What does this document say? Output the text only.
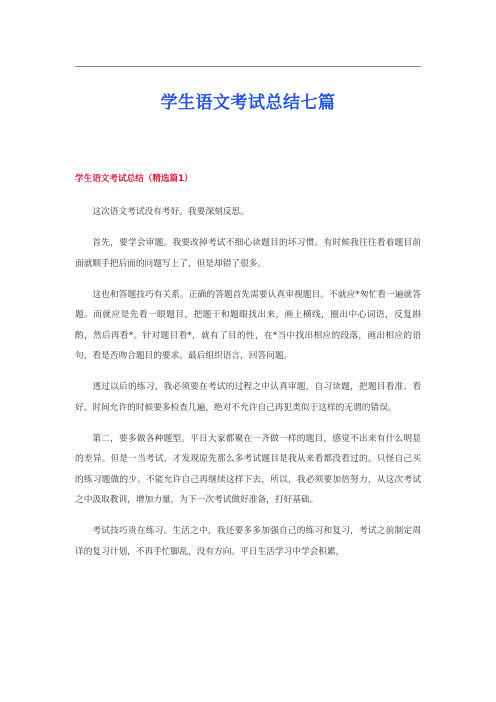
学生语文考试总结七篇
学生语文考试总结（精选篇1）

这次语文考试没有考好。我要深刻反思。

首先，要学会审题。我要改掉考试不细心读题目的坏习惯。有时候我往往看着题目前面就顺手把后面的问题写上了，但是却错了很多。

这也和答题技巧有关系。正确的答题首先需要认真审视题目。不就应*匆忙看一遍就答题。而就应是先看一眼题目，把题干和题眼找出来，画上横线，圈出中心词语，反复斟酌，然后再看*。针对题目看*，就有了目的性，在*当中找出相应的段落，画出相应的语句，看是否吻合题目的要求。最后组织语言，回答问题。

透过以后的练习，我必须要在考试的过程之中认真审题，自习读题，把题目看准、看好。时间允许的时候要多检查几遍，绝对不允许自己再犯类似于这样的无谓的错误。

第二，要多做各种题型。平日大家都聚在一齐做一样的题目，感觉不出来有什么明显的差异。但是一当考试，才发现原先那么多考试题目是我从来看都没看过的。只怪自己买的练习题做的少。不能允许自己再继续这样下去，所以，我必须要加倍努力，从这次考试之中汲取教训，增加力量，为下一次考试做好准备，打好基础。

考试技巧贵在练习。生活之中，我还要多多加强自己的练习和复习，考试之前制定周详的复习计划，不再手忙脚乱，没有方向。平日生活学习中学会积累，
